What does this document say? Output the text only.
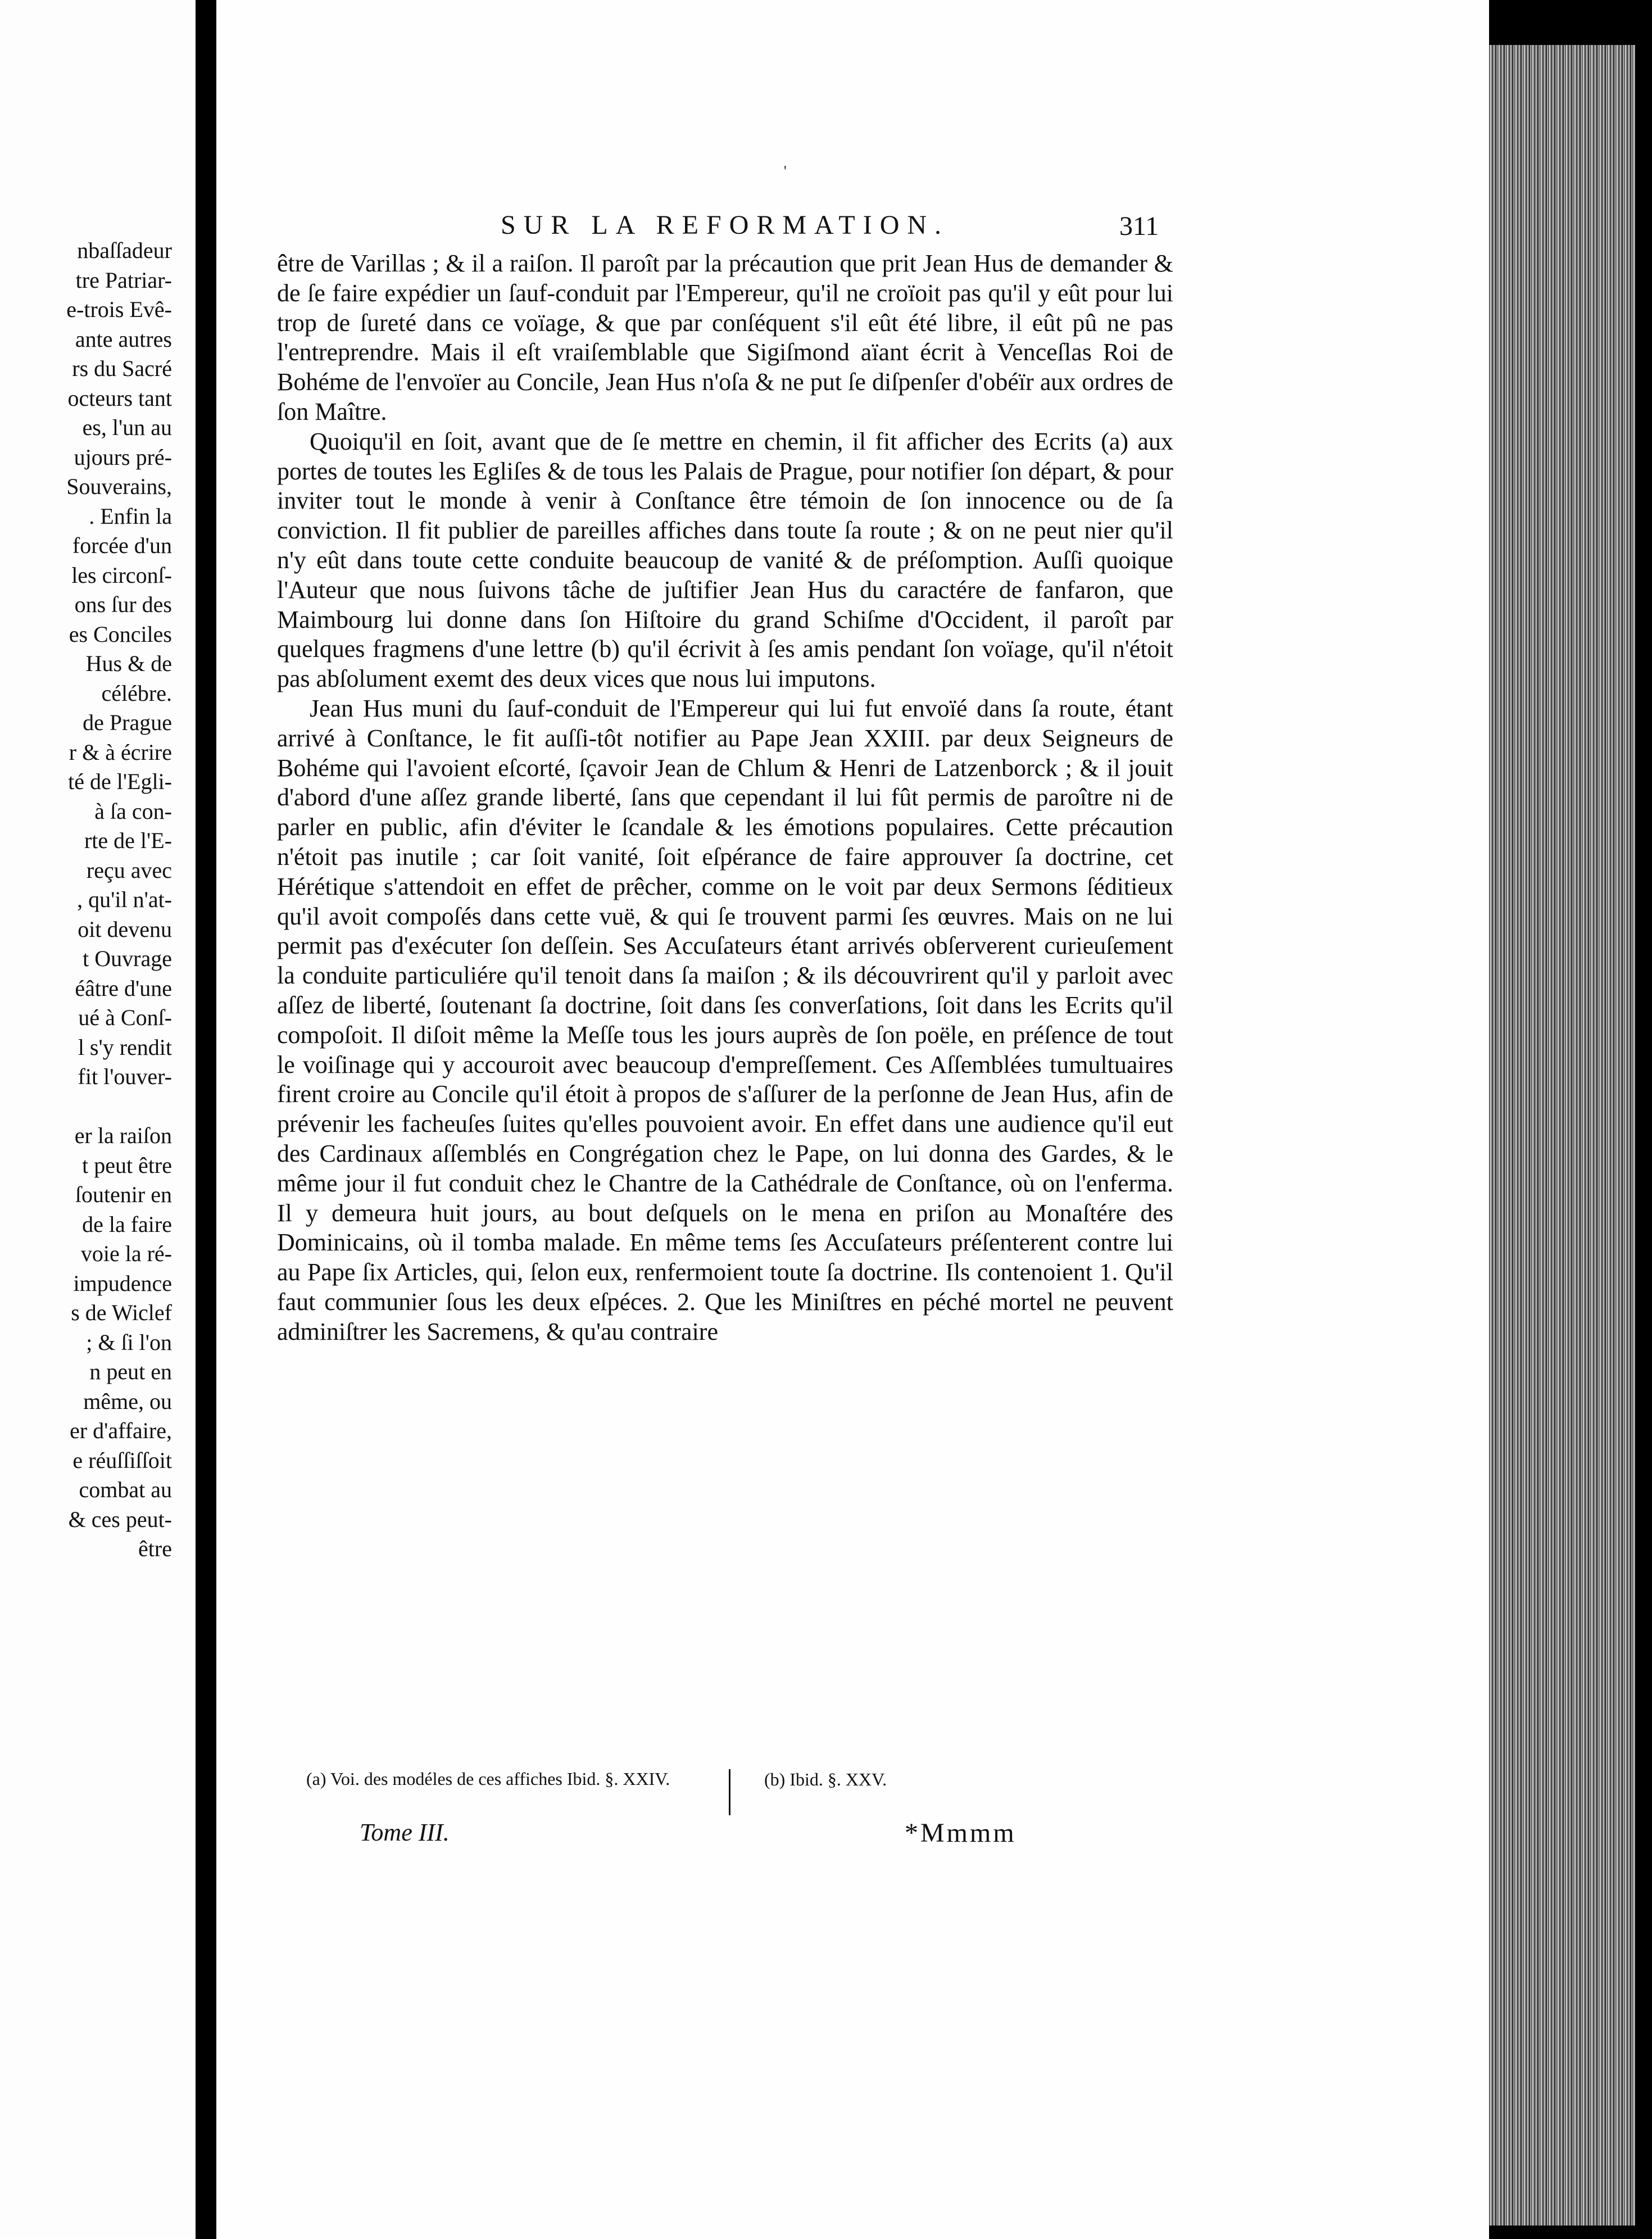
nbaſſadeur
tre Patriar-
e-trois Evê-
ante autres
rs du Sacré
octeurs tant
es, l'un au
ujours pré-
Souverains,
. Enfin la
forcée d'un
les circonſ-
ons ſur des
es Conciles
Hus & de
célébre.
de Prague
r & à écrire
té de l'Egli-
à ſa con-
rte de l'E-
reçu avec
, qu'il n'at-
oit devenu
t Ouvrage
éâtre d'une
ué à Conſ-
l s'y rendit
fit l'ouver-
er la raiſon
t peut être
ſoutenir en
de la faire
voie la ré-
impudence
s de Wiclef
; & ſi l'on
n peut en
même, ou
er d'affaire,
e réuſſiſſoit
combat au
& ces peut-
être
'
SUR LA REFORMATION.	311

être de Varillas ; & il a raiſon. Il paroît par la précaution que prit Jean Hus de demander & de ſe faire expédier un ſauf-conduit par l'Empereur, qu'il ne croïoit pas qu'il y eût pour lui trop de ſureté dans ce voïage, & que par conſéquent s'il eût été libre, il eût pû ne pas l'entreprendre. Mais il eſt vraiſemblable que Sigiſmond aïant écrit à Venceſlas Roi de Bohéme de l'envoïer au Concile, Jean Hus n'oſa & ne put ſe diſpenſer d'obéïr aux ordres de ſon Maître.

Quoiqu'il en ſoit, avant que de ſe mettre en chemin, il fit afficher des Ecrits (a) aux portes de toutes les Egliſes & de tous les Palais de Prague, pour notifier ſon départ, & pour inviter tout le monde à venir à Conſtance être témoin de ſon innocence ou de ſa conviction. Il fit publier de pareilles affiches dans toute ſa route ; & on ne peut nier qu'il n'y eût dans toute cette conduite beaucoup de vanité & de préſomption. Auſſi quoique l'Auteur que nous ſuivons tâche de juſtifier Jean Hus du caractére de fanfaron, que Maimbourg lui donne dans ſon Hiſtoire du grand Schiſme d'Occident, il paroît par quelques fragmens d'une lettre (b) qu'il écrivit à ſes amis pendant ſon voïage, qu'il n'étoit pas abſolument exemt des deux vices que nous lui imputons.

Jean Hus muni du ſauf-conduit de l'Empereur qui lui fut envoïé dans ſa route, étant arrivé à Conſtance, le fit auſſi-tôt notifier au Pape Jean XXIII. par deux Seigneurs de Bohéme qui l'avoient eſcorté, ſçavoir Jean de Chlum & Henri de Latzenborck ; & il jouit d'abord d'une aſſez grande liberté, ſans que cependant il lui fût permis de paroître ni de parler en public, afin d'éviter le ſcandale & les émotions populaires. Cette précaution n'étoit pas inutile ; car ſoit vanité, ſoit eſpérance de faire approuver ſa doctrine, cet Hérétique s'attendoit en effet de prêcher, comme on le voit par deux Sermons ſéditieux qu'il avoit compoſés dans cette vuë, & qui ſe trouvent parmi ſes œuvres. Mais on ne lui permit pas d'exécuter ſon deſſein. Ses Accuſateurs étant arrivés obſerverent curieuſement la conduite particuliére qu'il tenoit dans ſa maiſon ; & ils découvrirent qu'il y parloit avec aſſez de liberté, ſoutenant ſa doctrine, ſoit dans ſes converſations, ſoit dans les Ecrits qu'il compoſoit. Il diſoit même la Meſſe tous les jours auprès de ſon poële, en préſence de tout le voiſinage qui y accouroit avec beaucoup d'empreſſement. Ces Aſſemblées tumultuaires firent croire au Concile qu'il étoit à propos de s'aſſurer de la perſonne de Jean Hus, afin de prévenir les facheuſes ſuites qu'elles pouvoient avoir. En effet dans une audience qu'il eut des Cardinaux aſſemblés en Congrégation chez le Pape, on lui donna des Gardes, & le même jour il fut conduit chez le Chantre de la Cathédrale de Conſtance, où on l'enferma. Il y demeura huit jours, au bout deſquels on le mena en priſon au Monaſtére des Dominicains, où il tomba malade. En même tems ſes Accuſateurs préſenterent contre lui au Pape ſix Articles, qui, ſelon eux, renfermoient toute ſa doctrine. Ils contenoient 1. Qu'il faut communier ſous les deux eſpéces. 2. Que les Miniſtres en péché mortel ne peuvent adminiſtrer les Sacremens, & qu'au contraire

(a) Voi. des modéles de ces affiches Ibid. §. XXIV.	(b) Ibid. §. XXV.
Tome III.	*Mmmm
